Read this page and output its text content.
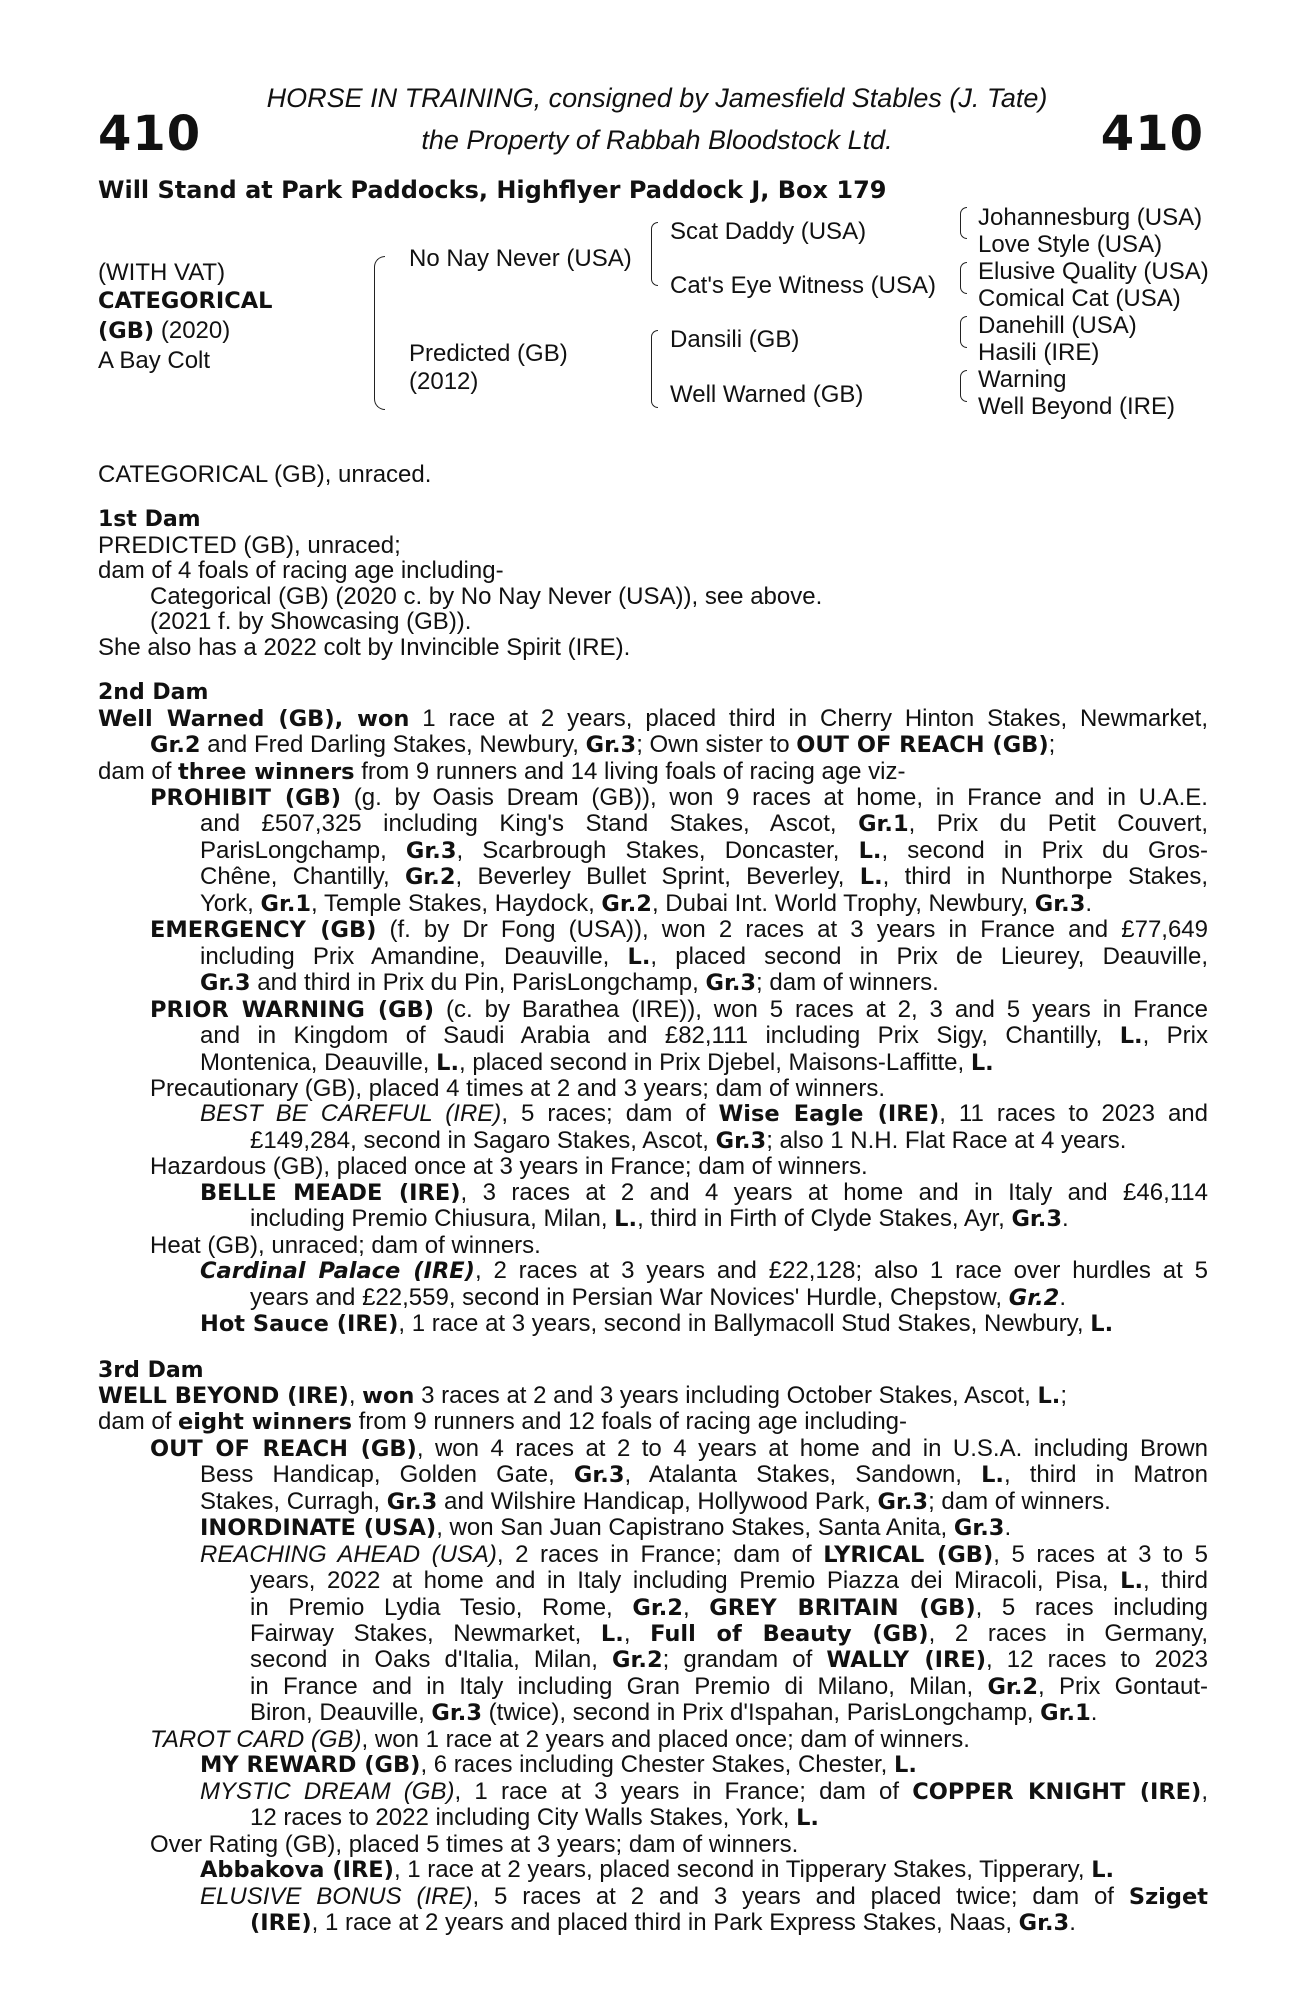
410	410
HORSE IN TRAINING, consigned by Jamesfield Stables (J. Tate)
the Property of Rabbah Bloodstock Ltd.
Will Stand at Park Paddocks, Highflyer Paddock J, Box 179
(WITH VAT)
CATEGORICAL
(GB) (2020)
A Bay Colt
No Nay Never (USA)
Predicted (GB)
(2012)
Scat Daddy (USA)
Cat's Eye Witness (USA)
Dansili (GB)
Well Warned (GB)
Johannesburg (USA)
Love Style (USA)
Elusive Quality (USA)
Comical Cat (USA)
Danehill (USA)
Hasili (IRE)
Warning
Well Beyond (IRE)
CATEGORICAL (GB), unraced.
1st Dam
PREDICTED (GB), unraced;
dam of 4 foals of racing age including-
Categorical (GB) (2020 c. by No Nay Never (USA)), see above.
(2021 f. by Showcasing (GB)).
She also has a 2022 colt by Invincible Spirit (IRE).
2nd Dam
Well Warned (GB), won 1 race at 2 years, placed third in Cherry Hinton Stakes, Newmarket,
Gr.2 and Fred Darling Stakes, Newbury, Gr.3; Own sister to OUT OF REACH (GB);
dam of three winners from 9 runners and 14 living foals of racing age viz-
PROHIBIT (GB) (g. by Oasis Dream (GB)), won 9 races at home, in France and in U.A.E.
and £507,325 including King's Stand Stakes, Ascot, Gr.1, Prix du Petit Couvert,
ParisLongchamp, Gr.3, Scarbrough Stakes, Doncaster, L., second in Prix du Gros-
Chêne, Chantilly, Gr.2, Beverley Bullet Sprint, Beverley, L., third in Nunthorpe Stakes,
York, Gr.1, Temple Stakes, Haydock, Gr.2, Dubai Int. World Trophy, Newbury, Gr.3.
EMERGENCY (GB) (f. by Dr Fong (USA)), won 2 races at 3 years in France and £77,649
including Prix Amandine, Deauville, L., placed second in Prix de Lieurey, Deauville,
Gr.3 and third in Prix du Pin, ParisLongchamp, Gr.3; dam of winners.
PRIOR WARNING (GB) (c. by Barathea (IRE)), won 5 races at 2, 3 and 5 years in France
and in Kingdom of Saudi Arabia and £82,111 including Prix Sigy, Chantilly, L., Prix
Montenica, Deauville, L., placed second in Prix Djebel, Maisons-Laffitte, L.
Precautionary (GB), placed 4 times at 2 and 3 years; dam of winners.
BEST BE CAREFUL (IRE), 5 races; dam of Wise Eagle (IRE), 11 races to 2023 and
£149,284, second in Sagaro Stakes, Ascot, Gr.3; also 1 N.H. Flat Race at 4 years.
Hazardous (GB), placed once at 3 years in France; dam of winners.
BELLE MEADE (IRE), 3 races at 2 and 4 years at home and in Italy and £46,114
including Premio Chiusura, Milan, L., third in Firth of Clyde Stakes, Ayr, Gr.3.
Heat (GB), unraced; dam of winners.
Cardinal Palace (IRE), 2 races at 3 years and £22,128; also 1 race over hurdles at 5
years and £22,559, second in Persian War Novices' Hurdle, Chepstow, Gr.2.
Hot Sauce (IRE), 1 race at 3 years, second in Ballymacoll Stud Stakes, Newbury, L.
3rd Dam
WELL BEYOND (IRE), won 3 races at 2 and 3 years including October Stakes, Ascot, L.;
dam of eight winners from 9 runners and 12 foals of racing age including-
OUT OF REACH (GB), won 4 races at 2 to 4 years at home and in U.S.A. including Brown
Bess Handicap, Golden Gate, Gr.3, Atalanta Stakes, Sandown, L., third in Matron
Stakes, Curragh, Gr.3 and Wilshire Handicap, Hollywood Park, Gr.3; dam of winners.
INORDINATE (USA), won San Juan Capistrano Stakes, Santa Anita, Gr.3.
REACHING AHEAD (USA), 2 races in France; dam of LYRICAL (GB), 5 races at 3 to 5
years, 2022 at home and in Italy including Premio Piazza dei Miracoli, Pisa, L., third
in Premio Lydia Tesio, Rome, Gr.2, GREY BRITAIN (GB), 5 races including
Fairway Stakes, Newmarket, L., Full of Beauty (GB), 2 races in Germany,
second in Oaks d'Italia, Milan, Gr.2; grandam of WALLY (IRE), 12 races to 2023
in France and in Italy including Gran Premio di Milano, Milan, Gr.2, Prix Gontaut-
Biron, Deauville, Gr.3 (twice), second in Prix d'Ispahan, ParisLongchamp, Gr.1.
TAROT CARD (GB), won 1 race at 2 years and placed once; dam of winners.
MY REWARD (GB), 6 races including Chester Stakes, Chester, L.
MYSTIC DREAM (GB), 1 race at 3 years in France; dam of COPPER KNIGHT (IRE),
12 races to 2022 including City Walls Stakes, York, L.
Over Rating (GB), placed 5 times at 3 years; dam of winners.
Abbakova (IRE), 1 race at 2 years, placed second in Tipperary Stakes, Tipperary, L.
ELUSIVE BONUS (IRE), 5 races at 2 and 3 years and placed twice; dam of Sziget
(IRE), 1 race at 2 years and placed third in Park Express Stakes, Naas, Gr.3.
